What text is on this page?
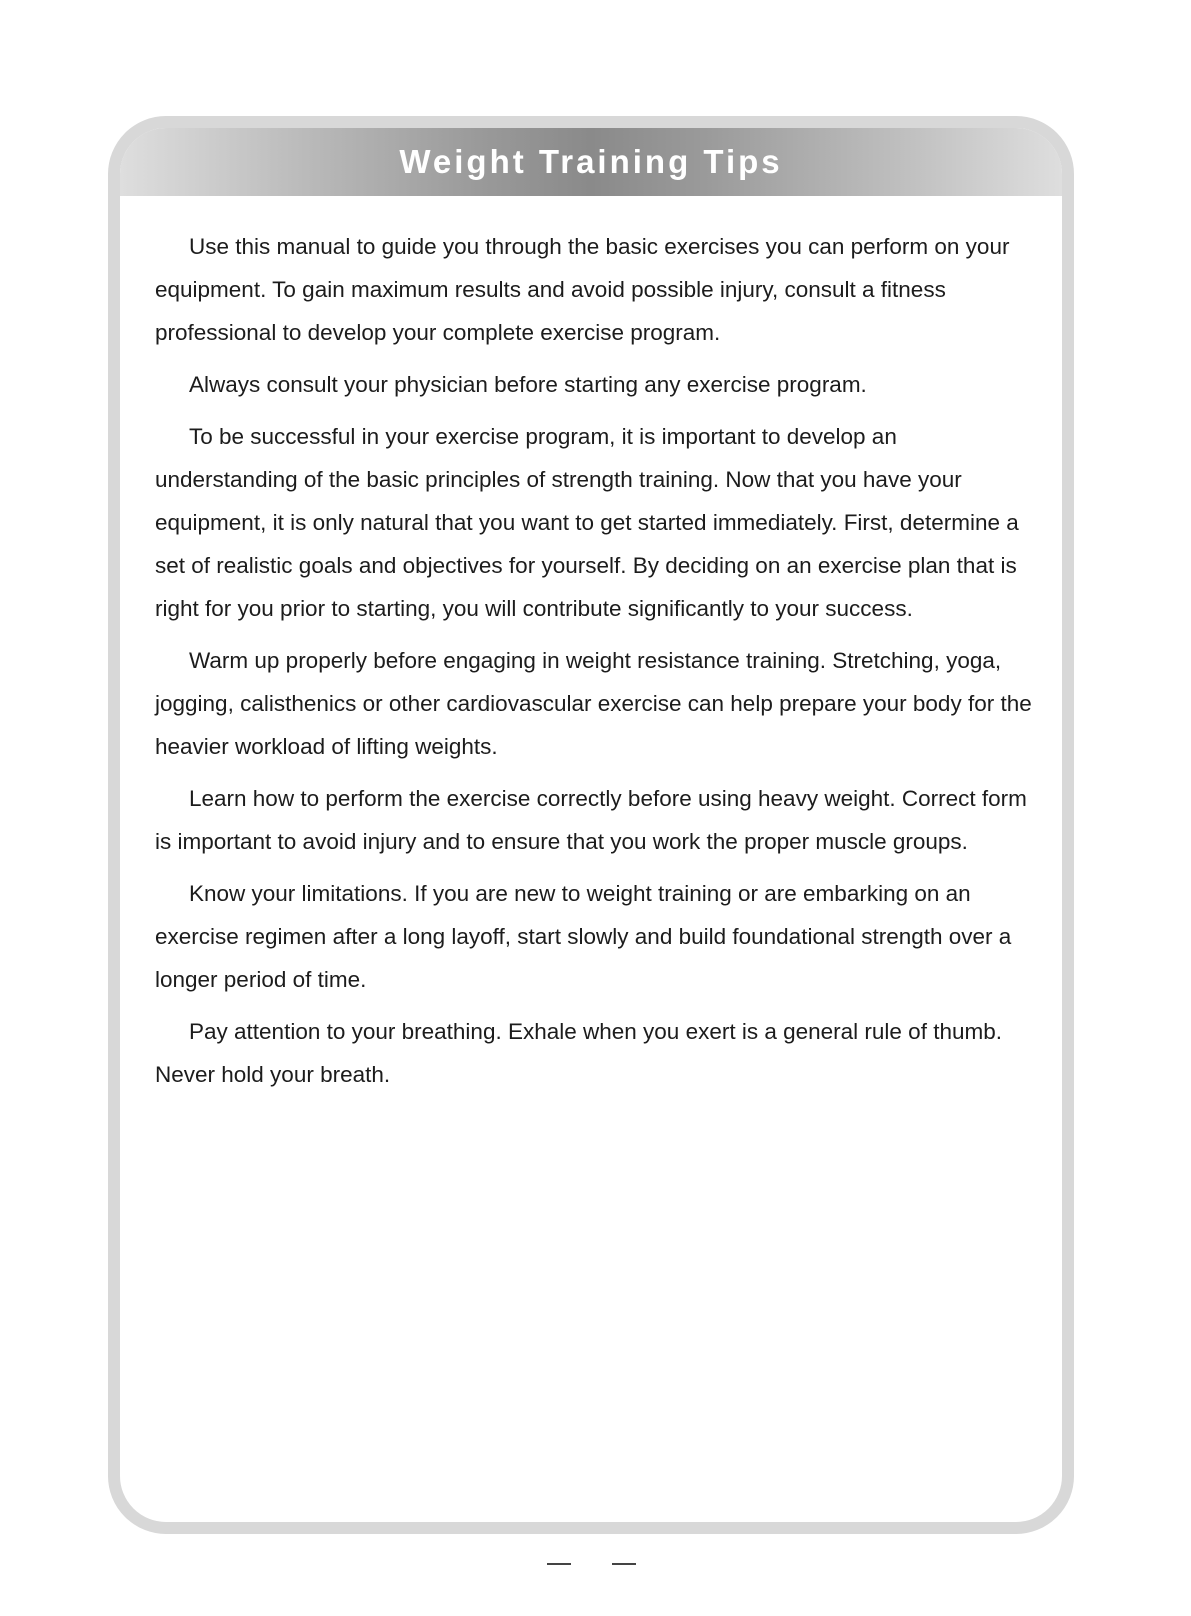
Weight Training Tips

Use this manual to guide you through the basic exercises you can perform on your equipment. To gain maximum results and avoid possible injury, consult a fitness professional to develop your complete exercise program.

Always consult your physician before starting any exercise program.

To be successful in your exercise program, it is important to develop an understanding of the basic principles of strength training. Now that you have your equipment, it is only natural that you want to get started immediately. First, determine a set of realistic goals and objectives for yourself. By deciding on an exercise plan that is right for you prior to starting, you will contribute significantly to your success.

Warm up properly before engaging in weight resistance training. Stretching, yoga, jogging, calisthenics or other cardiovascular exercise can help prepare your body for the heavier workload of lifting weights.

Learn how to perform the exercise correctly before using heavy weight. Correct form is important to avoid injury and to ensure that you work the proper muscle groups.

Know your limitations. If you are new to weight training or are embarking on an exercise regimen after a long layoff, start slowly and build foundational strength over a longer period of time.

Pay attention to your breathing. Exhale when you exert is a general rule of thumb. Never hold your breath.
